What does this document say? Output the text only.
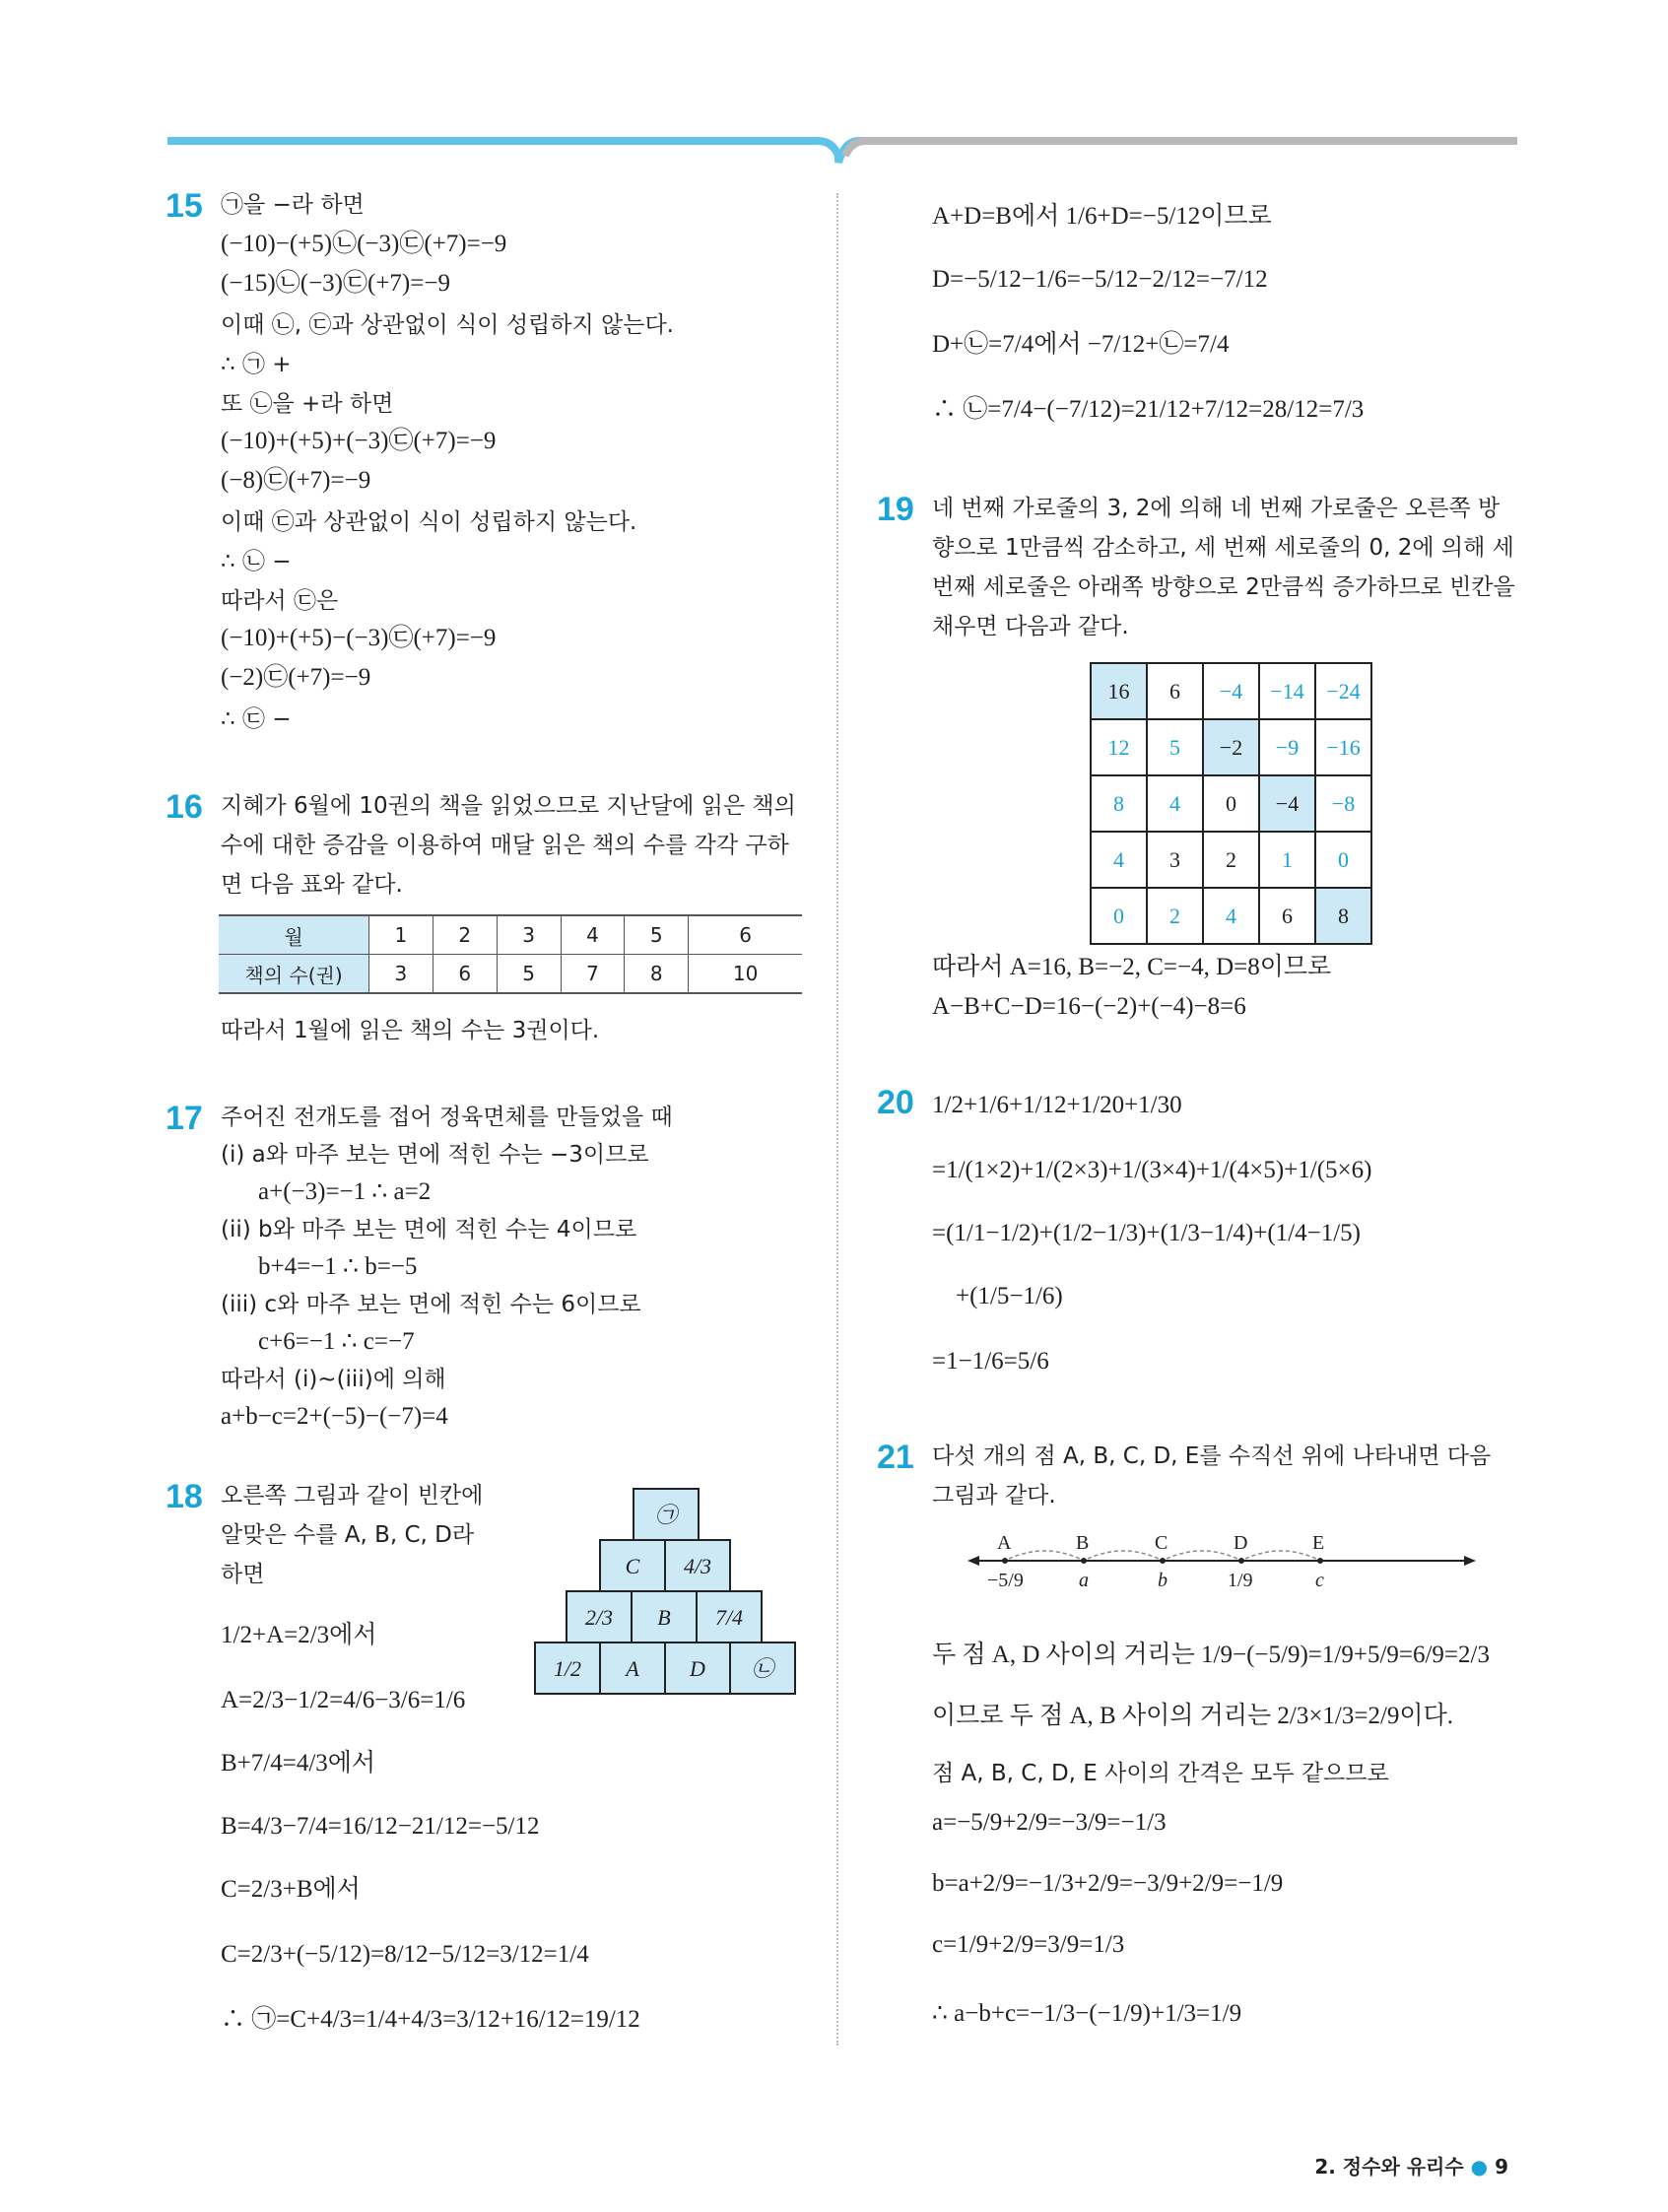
15 ㉠을 −라 하면
(−10)−(+5)㉡(−3)㉢(+7)=−9
(−15)㉡(−3)㉢(+7)=−9
이때 ㉡, ㉢과 상관없이 식이 성립하지 않는다.
∴ ㉠ +
또 ㉡을 +라 하면
(−10)+(+5)+(−3)㉢(+7)=−9
(−8)㉢(+7)=−9
이때 ㉢과 상관없이 식이 성립하지 않는다.
∴ ㉡ −
따라서 ㉢은
(−10)+(+5)−(−3)㉢(+7)=−9
(−2)㉢(+7)=−9
∴ ㉢ −
16 지혜가 6월에 10권의 책을 읽었으므로 지난달에 읽은 책의
수에 대한 증감을 이용하여 매달 읽은 책의 수를 각각 구하
면 다음 표와 같다.
월	1	2	3	4	5	6
책의 수(권)	3	6	5	7	8	10
따라서 1월에 읽은 책의 수는 3권이다.
17 주어진 전개도를 접어 정육면체를 만들었을 때
(i) a와 마주 보는 면에 적힌 수는 −3이므로
a+(−3)=−1 ∴ a=2
(ii) b와 마주 보는 면에 적힌 수는 4이므로
b+4=−1 ∴ b=−5
(iii) c와 마주 보는 면에 적힌 수는 6이므로
c+6=−1 ∴ c=−7
따라서 (i)~(iii)에 의해
a+b−c=2+(−5)−(−7)=4
18 오른쪽 그림과 같이 빈칸에
알맞은 수를 A, B, C, D라
하면
㉠
C	4/3
2/3	B	7/4
1/2	A	D	㉡
1/2+A=2/3에서
A=2/3−1/2=4/6−3/6=1/6
B+7/4=4/3에서
B=4/3−7/4=16/12−21/12=−5/12
C=2/3+B에서
C=2/3+(−5/12)=8/12−5/12=3/12=1/4
∴ ㉠=C+4/3=1/4+4/3=3/12+16/12=19/12
A+D=B에서 1/6+D=−5/12이므로
D=−5/12−1/6=−5/12−2/12=−7/12
D+㉡=7/4에서 −7/12+㉡=7/4
∴ ㉡=7/4−(−7/12)=21/12+7/12=28/12=7/3
19 네 번째 가로줄의 3, 2에 의해 네 번째 가로줄은 오른쪽 방
향으로 1만큼씩 감소하고, 세 번째 세로줄의 0, 2에 의해 세
번째 세로줄은 아래쪽 방향으로 2만큼씩 증가하므로 빈칸을
채우면 다음과 같다.
16	6	−4	−14	−24
12	5	−2	−9	−16
8	4	0	−4	−8
4	3	2	1	0
0	2	4	6	8
따라서 A=16, B=−2, C=−4, D=8이므로
A−B+C−D=16−(−2)+(−4)−8=6
20 1/2+1/6+1/12+1/20+1/30
=1/(1×2)+1/(2×3)+1/(3×4)+1/(4×5)+1/(5×6)
=(1/1−1/2)+(1/2−1/3)+(1/3−1/4)+(1/4−1/5)
+(1/5−1/6)
=1−1/6=5/6
21 다섯 개의 점 A, B, C, D, E를 수직선 위에 나타내면 다음
그림과 같다.
A	B	C	D	E
−5/9	a	b	1/9	c
두 점 A, D 사이의 거리는 1/9−(−5/9)=1/9+5/9=6/9=2/3
이므로 두 점 A, B 사이의 거리는 2/3×1/3=2/9이다.
점 A, B, C, D, E 사이의 간격은 모두 같으므로
a=−5/9+2/9=−3/9=−1/3
b=a+2/9=−1/3+2/9=−3/9+2/9=−1/9
c=1/9+2/9=3/9=1/3
∴ a−b+c=−1/3−(−1/9)+1/3=1/9
2. 정수와 유리수 ● 9
